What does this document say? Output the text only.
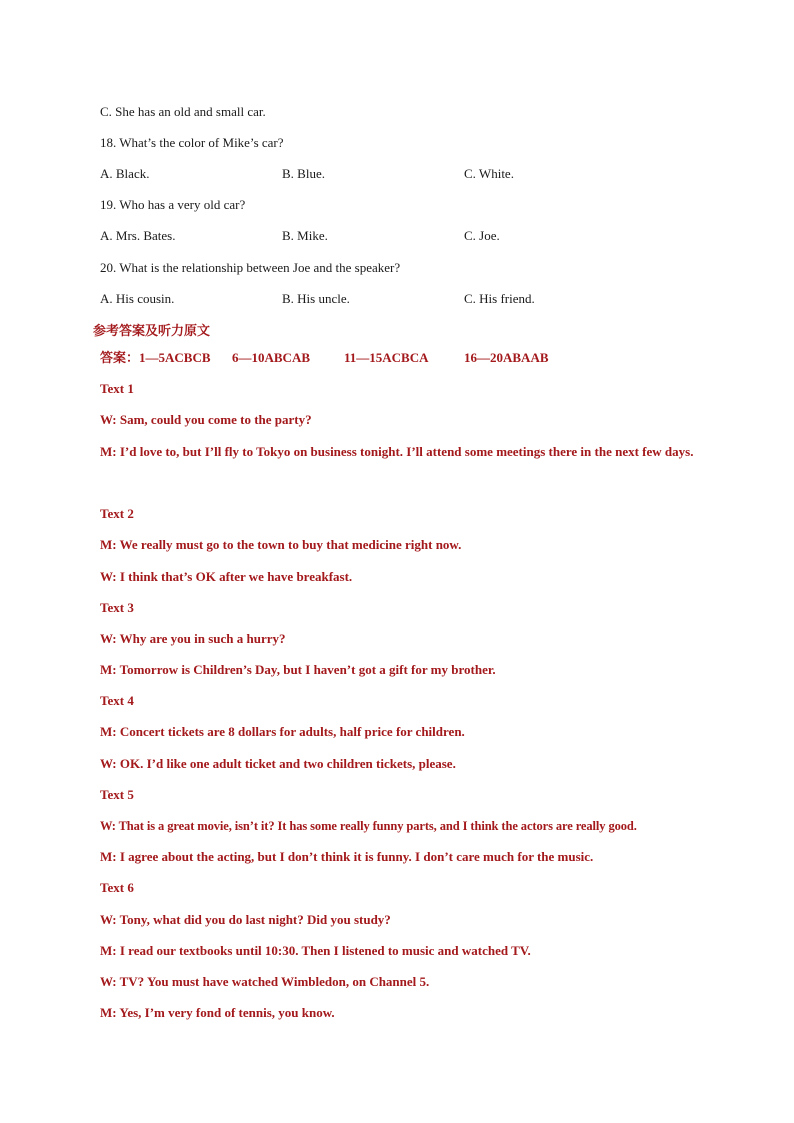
C. She has an old and small car.
18. What’s the color of Mike’s car?
A. Black.	B. Blue.	C. White.
19. Who has a very old car?
A. Mrs. Bates.	B. Mike.	C. Joe.
20. What is the relationship between Joe and the speaker?
A. His cousin.	B. His uncle.	C. His friend.
参考答案及听力原文
答案：1—5ACBCB 6—10ABCAB	11—15ACBCA	16—20ABAAB
Text 1
W: Sam, could you come to the party?
M: I’d love to, but I’ll fly to Tokyo on business tonight. I’ll attend some meetings there in the next few days.
Text 2
M: We really must go to the town to buy that medicine right now.
W: I think that’s OK after we have breakfast.
Text 3
W: Why are you in such a hurry?
M: Tomorrow is Children’s Day, but I haven’t got a gift for my brother.
Text 4
M: Concert tickets are 8 dollars for adults, half price for children.
W: OK. I’d like one adult ticket and two children tickets, please.
Text 5
W: That is a great movie, isn’t it? It has some really funny parts, and I think the actors are really good.
M: I agree about the acting, but I don’t think it is funny. I don’t care much for the music.
Text 6
W: Tony, what did you do last night? Did you study?
M: I read our textbooks until 10:30. Then I listened to music and watched TV.
W: TV? You must have watched Wimbledon, on Channel 5.
M: Yes, I’m very fond of tennis, you know.
